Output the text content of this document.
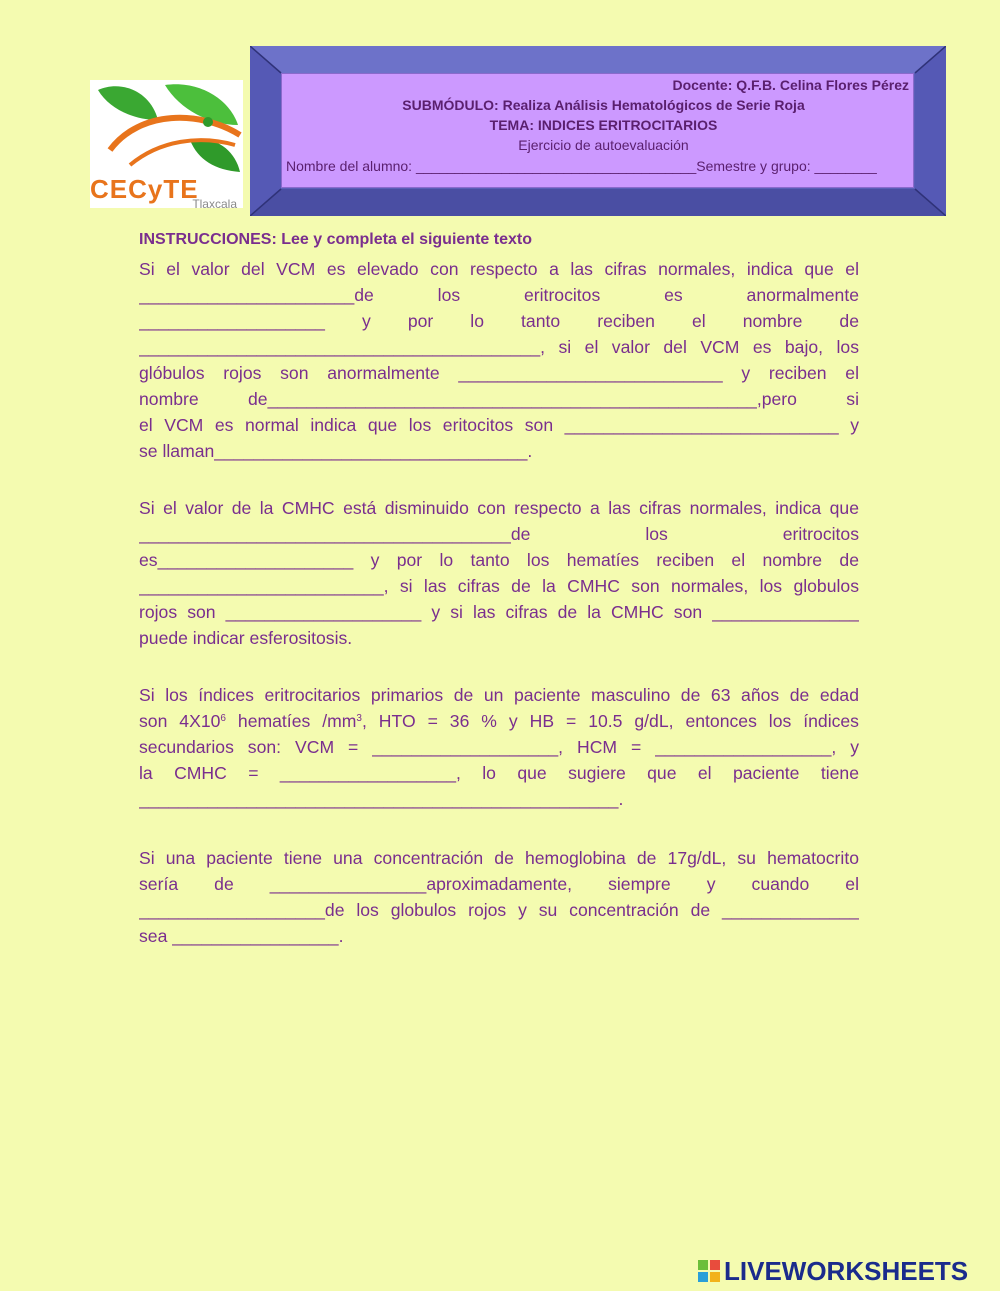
CECyTE
Tlaxcala
Docente: Q.F.B. Celina Flores Pérez
SUBMÓDULO: Realiza Análisis Hematológicos de Serie Roja
TEMA: INDICES ERITROCITARIOS
Ejercicio de autoevaluación
Nombre del alumno: ____________________________________Semestre y grupo: ________
INSTRUCCIONES: Lee y completa el siguiente texto
Si el valor del VCM es elevado con respecto a las cifras normales, indica que el
______________________de los eritrocitos es anormalmente
___________________ y por lo tanto reciben el nombre de
_________________________________________, si el valor del VCM es bajo, los
glóbulos rojos son anormalmente ___________________________ y reciben el
nombre de__________________________________________________,pero si
el VCM es normal indica que los eritocitos son ____________________________ y
se llaman________________________________.
Si el valor de la CMHC está disminuido con respecto a las cifras normales, indica que
______________________________________de los eritrocitos
es____________________ y por lo tanto los hematíes reciben el nombre de
_________________________, si las cifras de la CMHC son normales, los globulos
rojos son ____________________ y si las cifras de la CMHC son _______________
puede indicar esferositosis.
Si los índices eritrocitarios primarios de un paciente masculino de 63 años de edad
son $4X10^6$ hematíes $/mm^3$, HTO = 36 % y HB = 10.5 g/dL, entonces los índices
secundarios son: VCM = ___________________, HCM = __________________, y
la CMHC = __________________, lo que sugiere que el paciente tiene
_________________________________________________.
Si una paciente tiene una concentración de hemoglobina de 17g/dL, su hematocrito
sería de ________________aproximadamente, siempre y cuando el
___________________de los globulos rojos y su concentración de ______________
sea _________________.
LIVEWORKSHEETS
